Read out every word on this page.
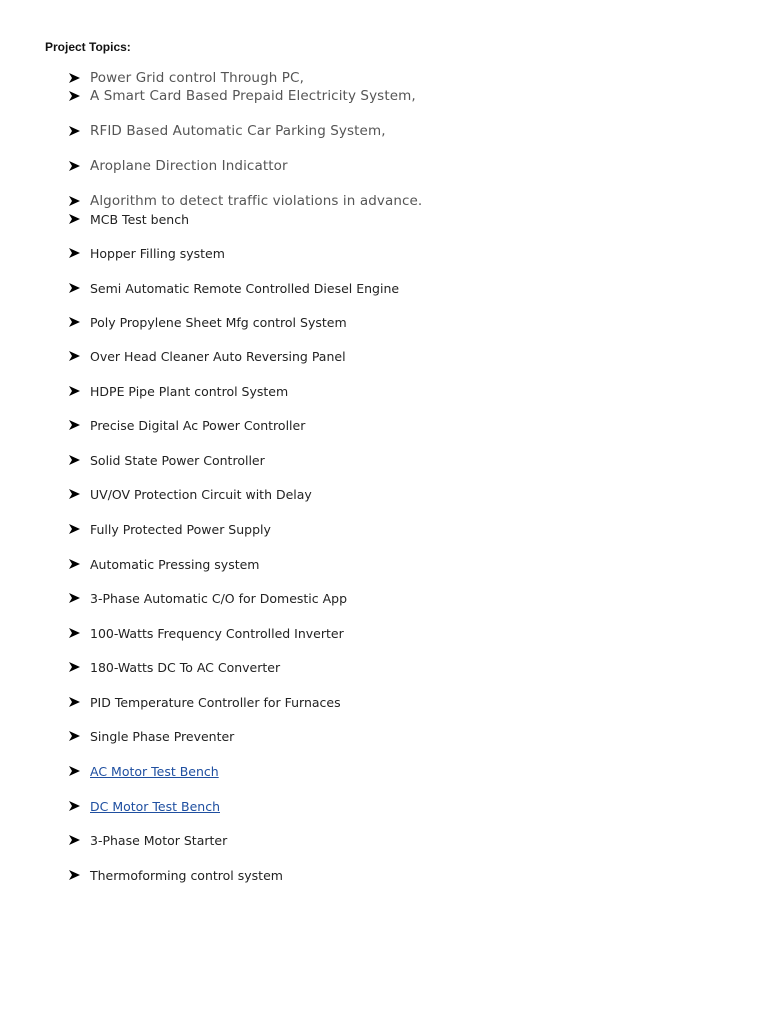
Project Topics:
Power Grid control Through PC,
A Smart Card Based Prepaid Electricity System,
RFID Based Automatic Car Parking System,
Aroplane Direction Indicattor
Algorithm to detect traffic violations in advance.
MCB Test bench
Hopper Filling system
Semi Automatic Remote Controlled Diesel Engine
Poly Propylene Sheet Mfg control System
Over Head Cleaner Auto Reversing Panel
HDPE Pipe Plant control System
Precise Digital Ac Power Controller
Solid State Power Controller
UV/OV Protection Circuit with Delay
Fully Protected Power Supply
Automatic Pressing system
3-Phase Automatic C/O for Domestic App
100-Watts Frequency Controlled Inverter
180-Watts DC To AC Converter
PID Temperature Controller for Furnaces
Single Phase Preventer
AC Motor Test Bench
DC Motor Test Bench
3-Phase Motor Starter
Thermoforming control system
